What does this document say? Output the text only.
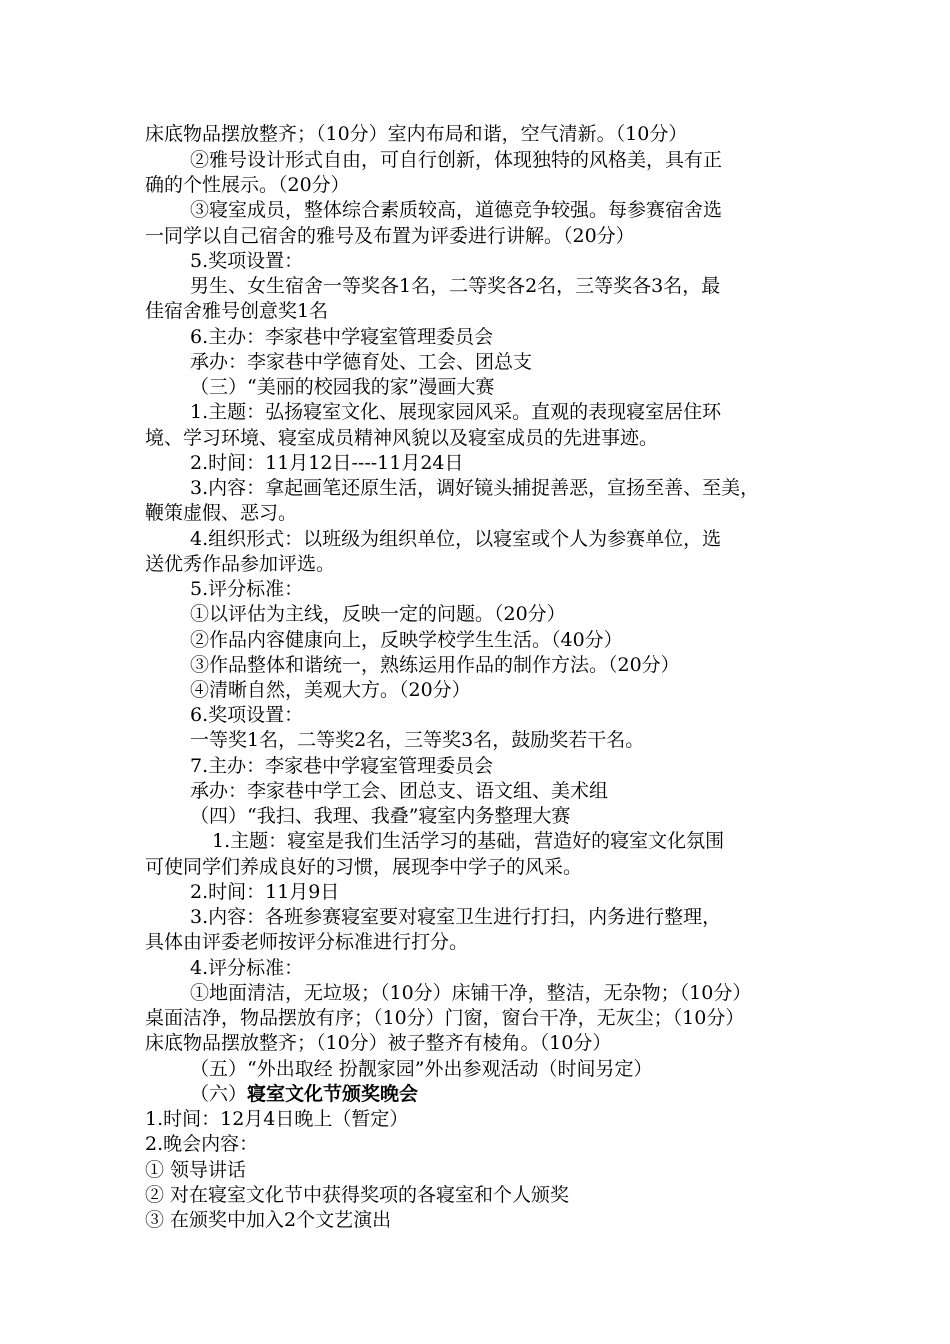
床底物品摆放整齐；（10分）室内布局和谐，空气清新。（10分）
②雅号设计形式自由，可自行创新，体现独特的风格美，具有正
确的个性展示。（20分）
③寝室成员，整体综合素质较高，道德竞争较强。每参赛宿舍选
一同学以自己宿舍的雅号及布置为评委进行讲解。（20分）
5.奖项设置：
男生、女生宿舍一等奖各1名，二等奖各2名，三等奖各3名，最
佳宿舍雅号创意奖1名
6.主办：李家巷中学寝室管理委员会
承办：李家巷中学德育处、工会、团总支
（三）“美丽的校园我的家”漫画大赛
1.主题：弘扬寝室文化、展现家园风采。直观的表现寝室居住环
境、学习环境、寝室成员精神风貌以及寝室成员的先进事迹。
2.时间：11月12日----11月24日
3.内容：拿起画笔还原生活，调好镜头捕捉善恶，宣扬至善、至美，
鞭策虚假、恶习。
4.组织形式：以班级为组织单位，以寝室或个人为参赛单位，选
送优秀作品参加评选。
5.评分标准：
①以评估为主线，反映一定的问题。（20分）
②作品内容健康向上，反映学校学生生活。（40分）
③作品整体和谐统一，熟练运用作品的制作方法。（20分）
④清晰自然，美观大方。（20分）
6.奖项设置：
一等奖1名，二等奖2名，三等奖3名，鼓励奖若干名。
7.主办：李家巷中学寝室管理委员会
承办：李家巷中学工会、团总支、语文组、美术组
（四）“我扫、我理、我叠”寝室内务整理大赛
1.主题：寝室是我们生活学习的基础，营造好的寝室文化氛围
可使同学们养成良好的习惯，展现李中学子的风采。
2.时间：11月9日
3.内容：各班参赛寝室要对寝室卫生进行打扫，内务进行整理，
具体由评委老师按评分标准进行打分。
4.评分标准：
①地面清洁，无垃圾；（10分）床铺干净，整洁，无杂物；（10分）
桌面洁净，物品摆放有序；（10分）门窗，窗台干净，无灰尘；（10分）
床底物品摆放整齐；（10分）被子整齐有棱角。（10分）
（五）“外出取经 扮靓家园”外出参观活动（时间另定）
（六）寝室文化节颁奖晚会
1.时间：12月4日晚上（暂定）
2.晚会内容：
① 领导讲话
② 对在寝室文化节中获得奖项的各寝室和个人颁奖
③ 在颁奖中加入2个文艺演出
